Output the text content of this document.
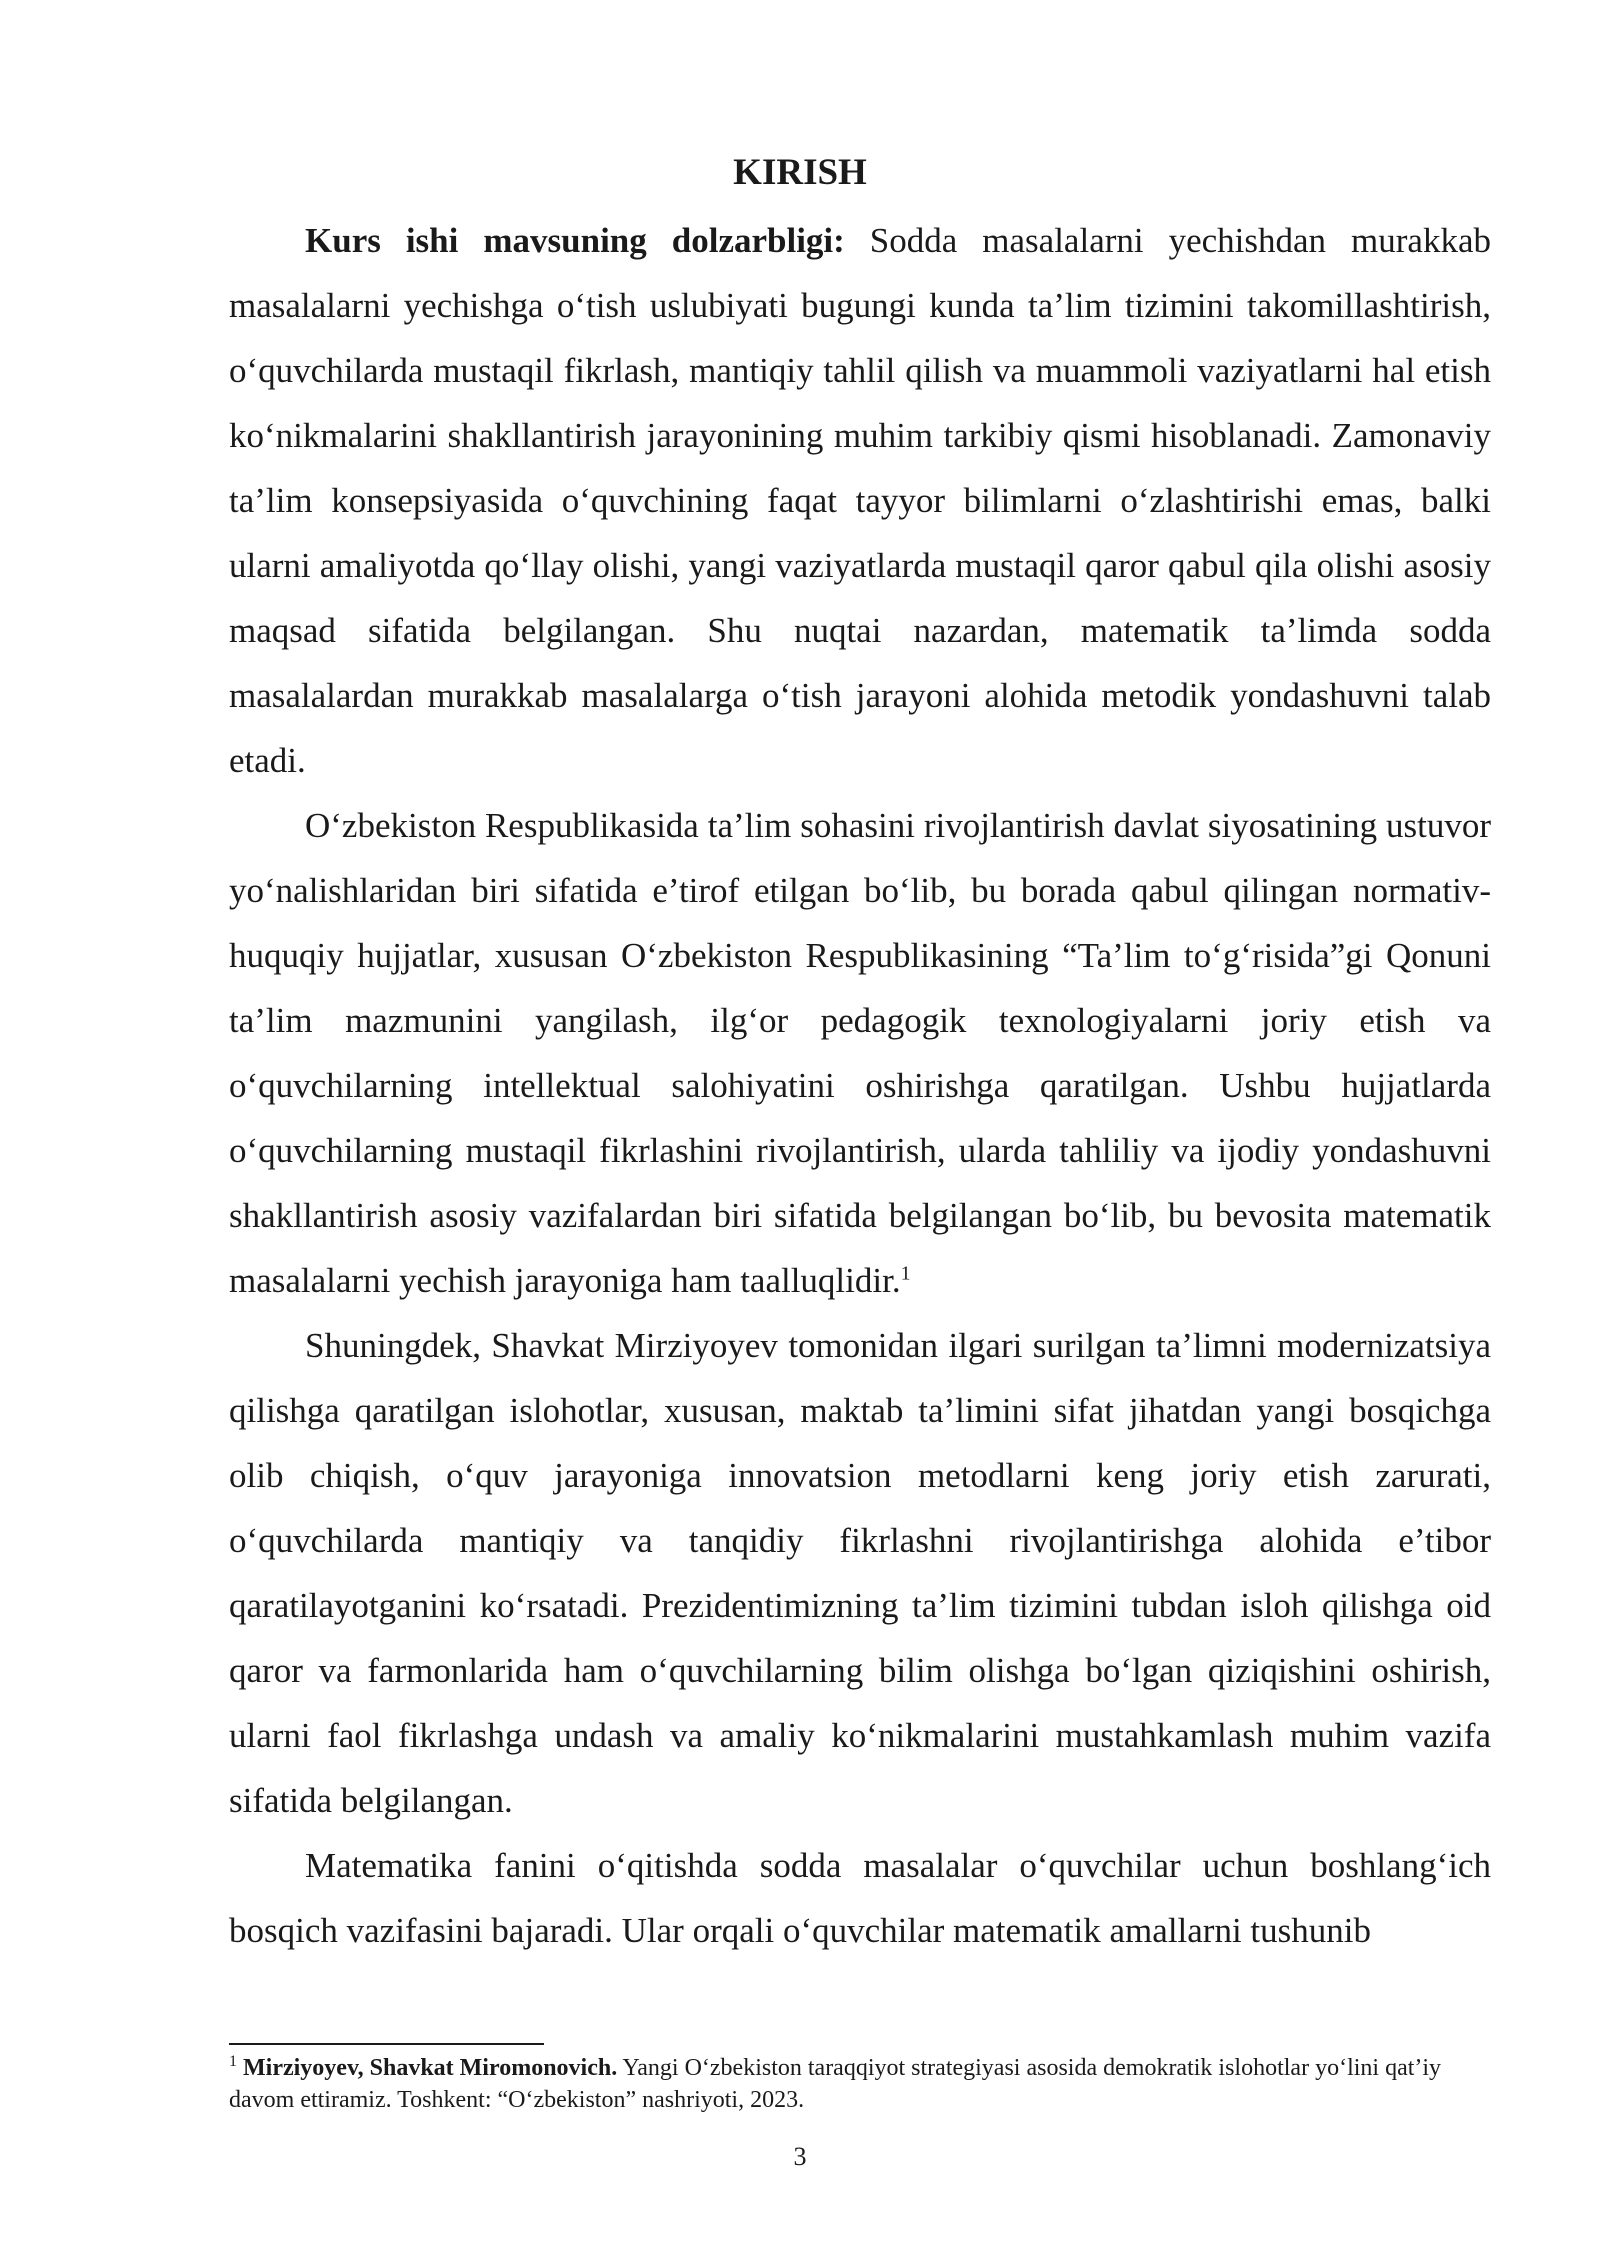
KIRISH

Kurs ishi mavsuning dolzarbligi: Sodda masalalarni yechishdan murakkab masalalarni yechishga o‘tish uslubiyati bugungi kunda ta’lim tizimini takomillashtirish, o‘quvchilarda mustaqil fikrlash, mantiqiy tahlil qilish va muammoli vaziyatlarni hal etish ko‘nikmalarini shakllantirish jarayonining muhim tarkibiy qismi hisoblanadi. Zamonaviy ta’lim konsepsiyasida o‘quvchining faqat tayyor bilimlarni o‘zlashtirishi emas, balki ularni amaliyotda qo‘llay olishi, yangi vaziyatlarda mustaqil qaror qabul qila olishi asosiy maqsad sifatida belgilangan. Shu nuqtai nazardan, matematik ta’limda sodda masalalardan murakkab masalalarga o‘tish jarayoni alohida metodik yondashuvni talab etadi.

O‘zbekiston Respublikasida ta’lim sohasini rivojlantirish davlat siyosatining ustuvor yo‘nalishlaridan biri sifatida e’tirof etilgan bo‘lib, bu borada qabul qilingan normativ-huquqiy hujjatlar, xususan O‘zbekiston Respublikasining “Ta’lim to‘g‘risida”gi Qonuni ta’lim mazmunini yangilash, ilg‘or pedagogik texnologiyalarni joriy etish va o‘quvchilarning intellektual salohiyatini oshirishga qaratilgan. Ushbu hujjatlarda o‘quvchilarning mustaqil fikrlashini rivojlantirish, ularda tahliliy va ijodiy yondashuvni shakllantirish asosiy vazifalardan biri sifatida belgilangan bo‘lib, bu bevosita matematik masalalarni yechish jarayoniga ham taalluqlidir.$^1$

Shuningdek, Shavkat Mirziyoyev tomonidan ilgari surilgan ta’limni modernizatsiya qilishga qaratilgan islohotlar, xususan, maktab ta’limini sifat jihatdan yangi bosqichga olib chiqish, o‘quv jarayoniga innovatsion metodlarni keng joriy etish zarurati, o‘quvchilarda mantiqiy va tanqidiy fikrlashni rivojlantirishga alohida e’tibor qaratilayotganini ko‘rsatadi. Prezidentimizning ta’lim tizimini tubdan isloh qilishga oid qaror va farmonlarida ham o‘quvchilarning bilim olishga bo‘lgan qiziqishini oshirish, ularni faol fikrlashga undash va amaliy ko‘nikmalarini mustahkamlash muhim vazifa sifatida belgilangan.

Matematika fanini o‘qitishda sodda masalalar o‘quvchilar uchun boshlang‘ich bosqich vazifasini bajaradi. Ular orqali o‘quvchilar matematik amallarni tushunib

$^1$ Mirziyoyev, Shavkat Miromonovich. Yangi O‘zbekiston taraqqiyot strategiyasi asosida demokratik islohotlar yo‘lini qat’iy davom ettiramiz. Toshkent: “O‘zbekiston” nashriyoti, 2023.

3
